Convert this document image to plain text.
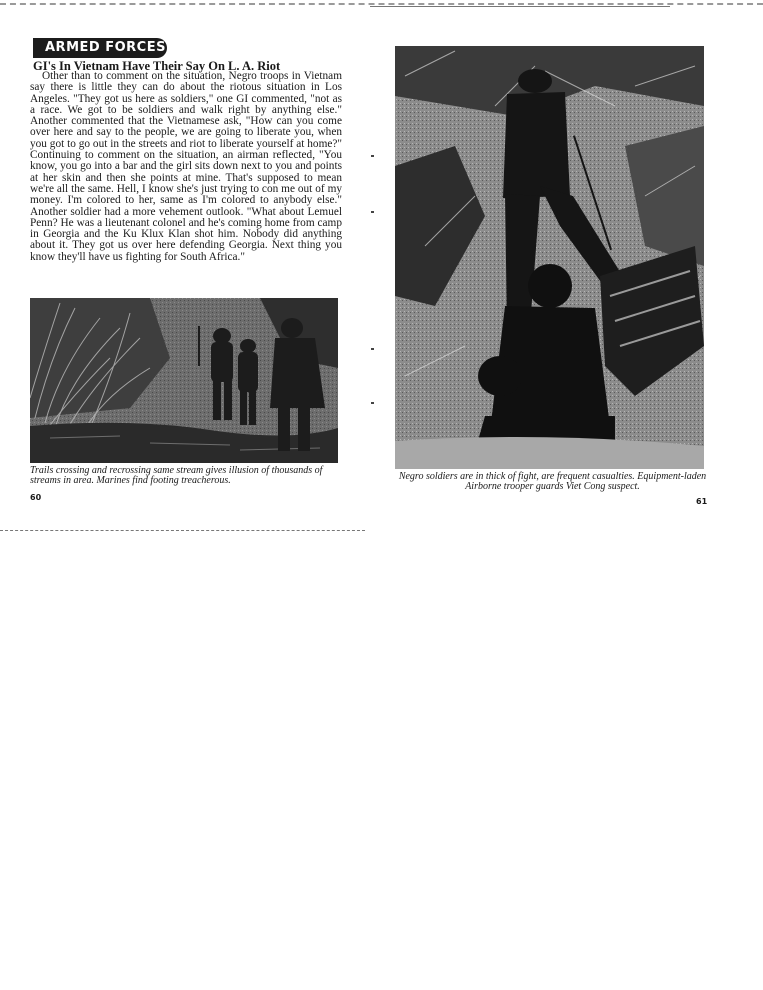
ARMED FORCES
GI's In Vietnam Have Their Say On L. A. Riot

Other than to comment on the situation, Negro troops in Vietnam say there is little they can do about the riotous situation in Los Angeles. "They got us here as soldiers," one GI commented, "not as a race. We got to be soldiers and walk right by anything else." Another commented that the Vietnamese ask, "How can you come over here and say to the people, we are going to liberate you, when you got to go out in the streets and riot to liberate yourself at home?" Continuing to comment on the situation, an airman reflected, "You know, you go into a bar and the girl sits down next to you and points at her skin and then she points at mine. That's supposed to mean we're all the same. Hell, I know she's just trying to con me out of my money. I'm colored to her, same as I'm colored to anybody else." Another soldier had a more vehement outlook. "What about Lemuel Penn? He was a lieutenant colonel and he's coming home from camp in Georgia and the Ku Klux Klan shot him. Nobody did anything about it. They got us over here defending Georgia. Next thing you know they'll have us fighting for South Africa."

Trails crossing and recrossing same stream gives illusion of thousands of streams in area. Marines find footing treacherous.

60

Negro soldiers are in thick of fight, are frequent casualties. Equipment-laden Airborne trooper guards Viet Cong suspect.

61
